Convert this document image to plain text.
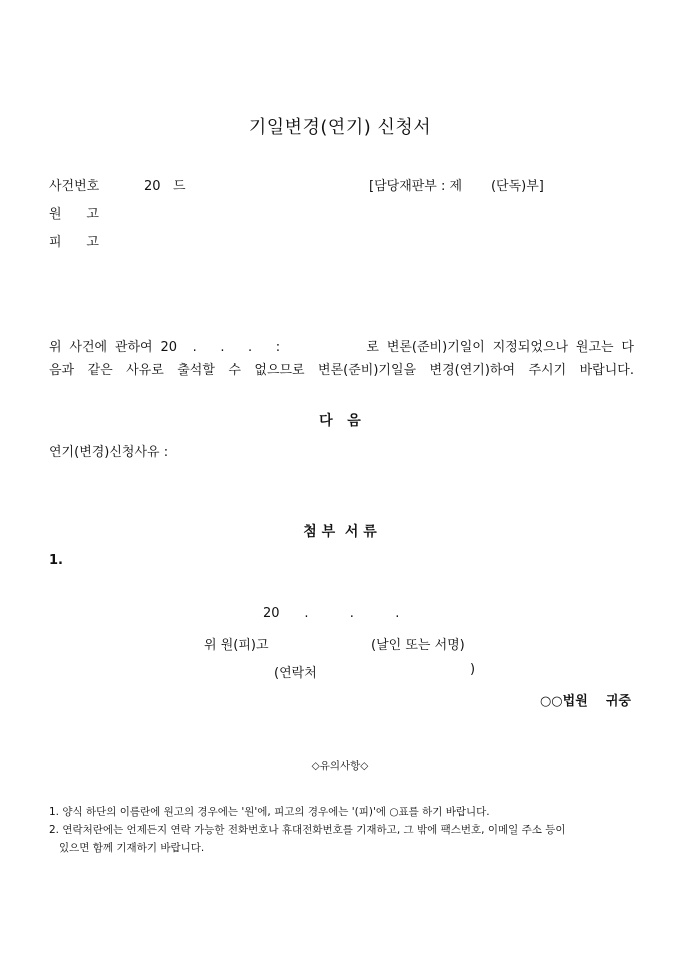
기일변경(연기) 신청서
사건번호	20   드	[담당재판부 : 제       (단독)부]
원      고
피      고
위 사건에 관하여 20  .   .   .   :           로 변론(준비)기일이 지정되었으나 원고는 다
음과 같은 사유로 출석할 수 없으므로 변론(준비)기일을 변경(연기)하여 주시기 바랍니다.
다   음
연기(변경)신청사유 :
첨 부  서 류
1.
20      .          .          .
위 원(피)고	(날인 또는 서명)
(연락처	)
○○법원    귀중
◇유의사항◇
1. 양식 하단의 이름란에 원고의 경우에는 '원'에, 피고의 경우에는 '(피)'에 ○표를 하기 바랍니다.
2. 연락처란에는 언제든지 연락 가능한 전화번호나 휴대전화번호를 기재하고, 그 밖에 팩스번호, 이메일 주소 등이
있으면 함께 기재하기 바랍니다.
